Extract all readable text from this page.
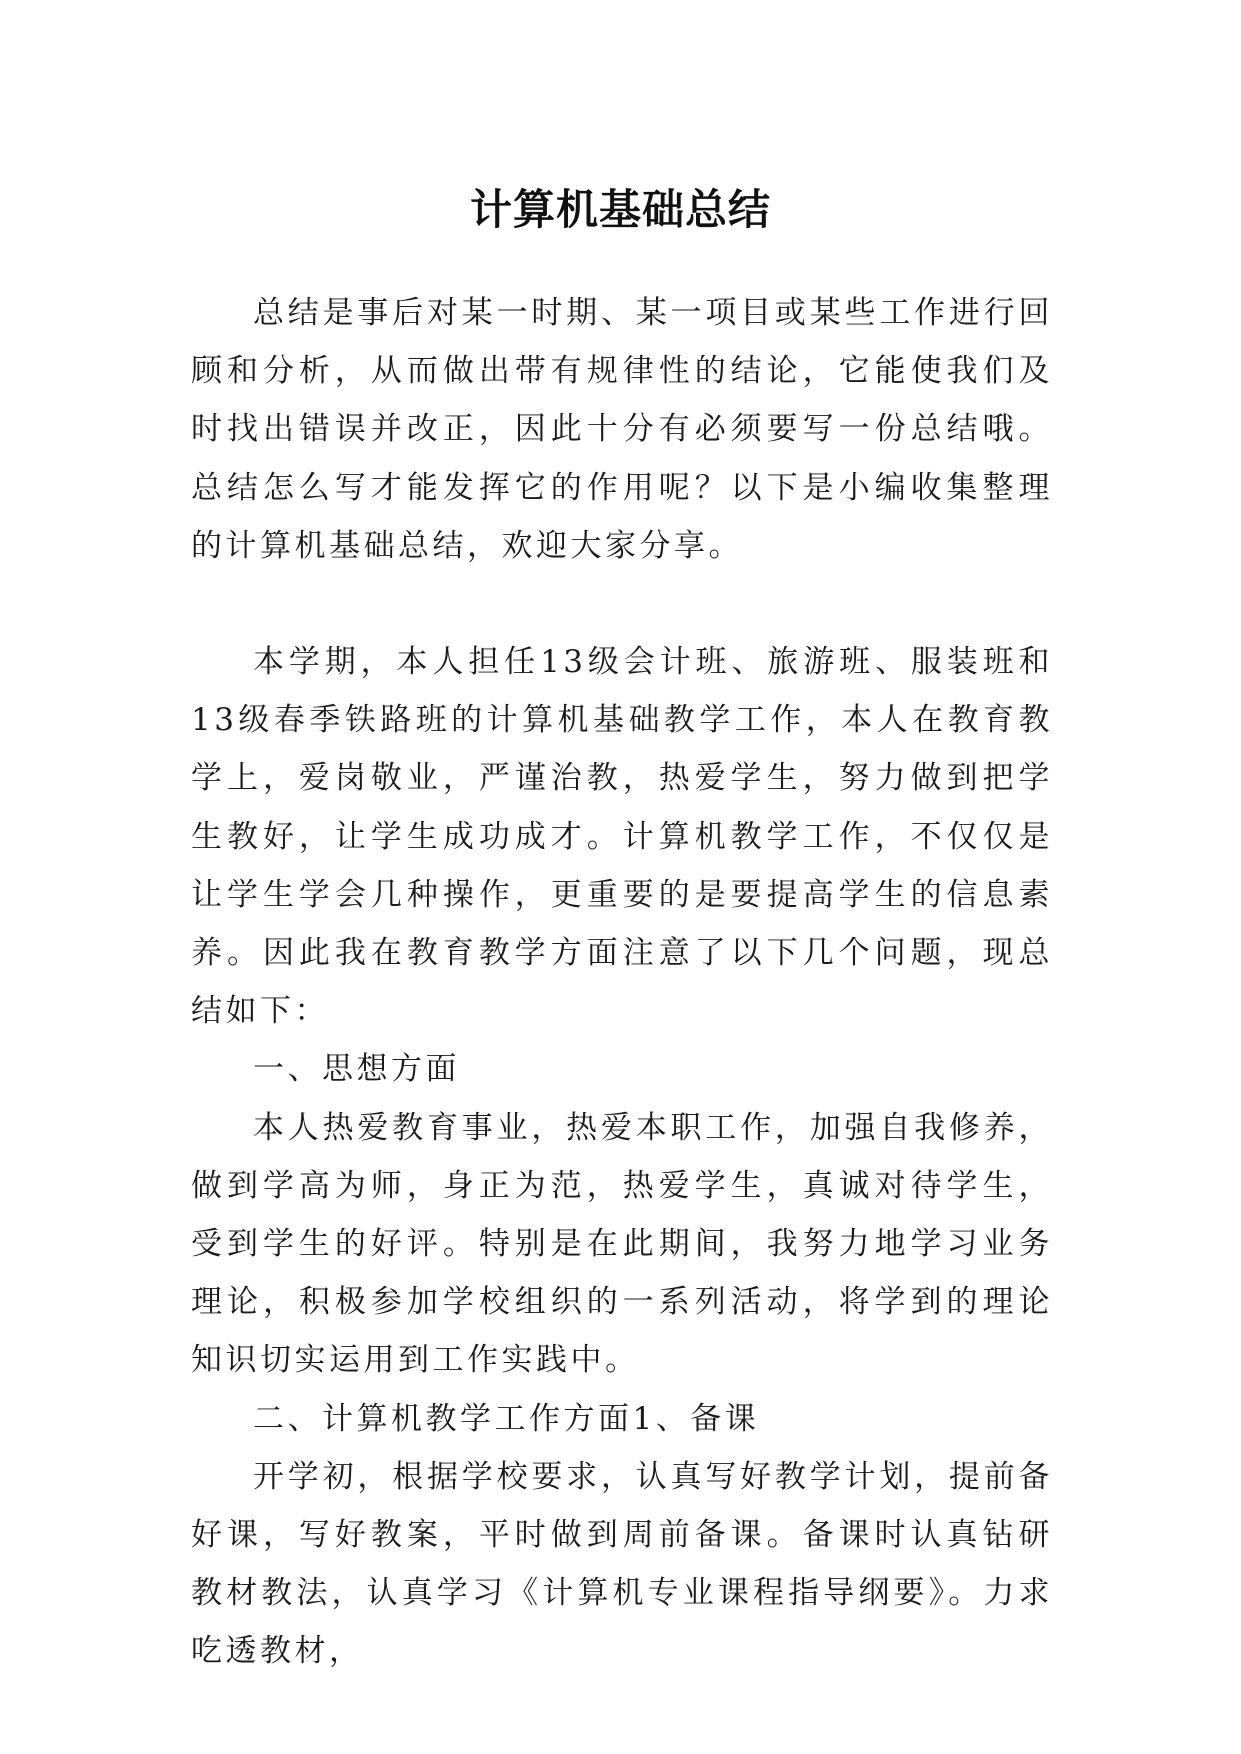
计算机基础总结

总结是事后对某一时期、某一项目或某些工作进行回顾和分析，从而做出带有规律性的结论，它能使我们及时找出错误并改正，因此十分有必须要写一份总结哦。总结怎么写才能发挥它的作用呢？以下是小编收集整理的计算机基础总结，欢迎大家分享。

本学期，本人担任13级会计班、旅游班、服装班和13级春季铁路班的计算机基础教学工作，本人在教育教学上，爱岗敬业，严谨治教，热爱学生，努力做到把学生教好，让学生成功成才。计算机教学工作，不仅仅是让学生学会几种操作，更重要的是要提高学生的信息素养。因此我在教育教学方面注意了以下几个问题，现总结如下：

一、思想方面

本人热爱教育事业，热爱本职工作，加强自我修养，做到学高为师，身正为范，热爱学生，真诚对待学生，受到学生的好评。特别是在此期间，我努力地学习业务理论，积极参加学校组织的一系列活动，将学到的理论知识切实运用到工作实践中。

二、计算机教学工作方面1、备课

开学初，根据学校要求，认真写好教学计划，提前备好课，写好教案，平时做到周前备课。备课时认真钻研教材教法，认真学习《计算机专业课程指导纲要》。力求吃透教材，
